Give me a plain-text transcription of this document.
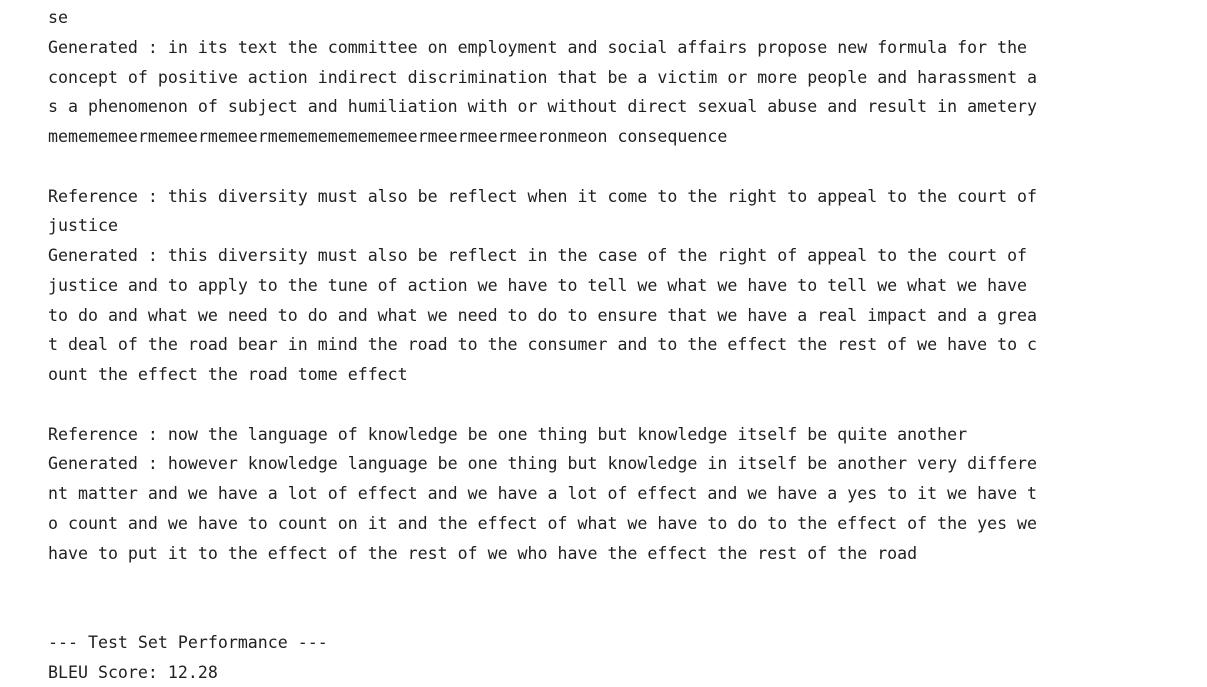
se
Generated : in its text the committee on employment and social affairs propose new formula for the
concept of positive action indirect discrimination that be a victim or more people and harassment a
s a phenomenon of subject and humiliation with or without direct sexual abuse and result in ametery
memememeermemeermemeermememememememeermeermeermeeronmeon consequence
Reference : this diversity must also be reflect when it come to the right to appeal to the court of
justice
Generated : this diversity must also be reflect in the case of the right of appeal to the court of
justice and to apply to the tune of action we have to tell we what we have to tell we what we have
to do and what we need to do and what we need to do to ensure that we have a real impact and a grea
t deal of the road bear in mind the road to the consumer and to the effect the rest of we have to c
ount the effect the road tome effect
Reference : now the language of knowledge be one thing but knowledge itself be quite another
Generated : however knowledge language be one thing but knowledge in itself be another very differe
nt matter and we have a lot of effect and we have a lot of effect and we have a yes to it we have t
o count and we have to count on it and the effect of what we have to do to the effect of the yes we
have to put it to the effect of the rest of we who have the effect the rest of the road
--- Test Set Performance ---
BLEU Score: 12.28
